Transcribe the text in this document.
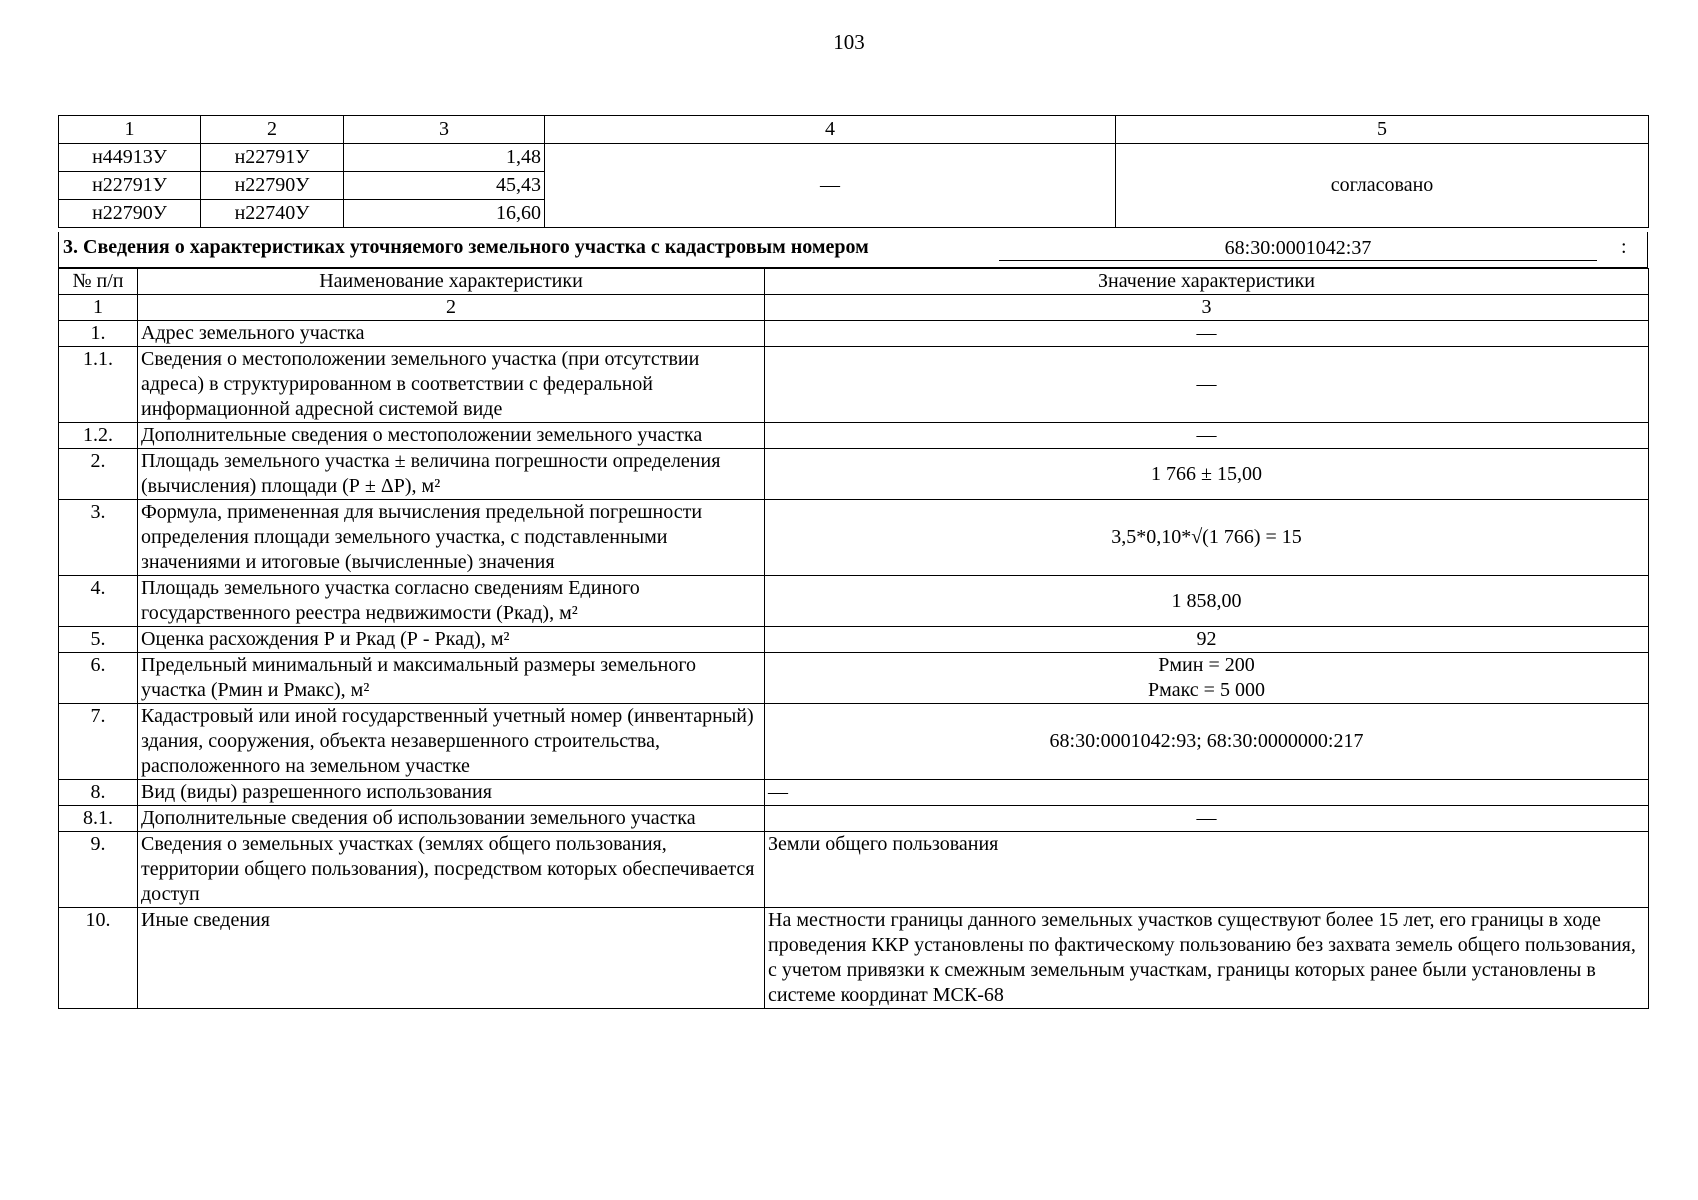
103
1	2	3	4	5
н44913У	н22791У	1,48	—	согласовано
н22791У	н22790У	45,43		
н22790У	н22740У	16,60		
3. Сведения о характеристиках уточняемого земельного участка с кадастровым номером	68:30:0001042:37	:
№ п/п	Наименование характеристики	Значение характеристики
1	2	3
1.	Адрес земельного участка	—
1.1.	Сведения о местоположении земельного участка (при отсутствии адреса) в структурированном в соответствии с федеральной информационной адресной системой виде	—
1.2.	Дополнительные сведения о местоположении земельного участка	—
2.	Площадь земельного участка ± величина погрешности определения (вычисления) площади (Р ± ΔР), м²	1 766 ± 15,00
3.	Формула, примененная для вычисления предельной погрешности определения площади земельного участка, с подставленными значениями и итоговые (вычисленные) значения	3,5*0,10*√(1 766) = 15
4.	Площадь земельного участка согласно сведениям Единого государственного реестра недвижимости (Ркад), м²	1 858,00
5.	Оценка расхождения Р и Ркад (Р - Ркад), м²	92
6.	Предельный минимальный и максимальный размеры земельного участка (Рмин и Рмакс), м²	Рмин = 200
Рмакс = 5 000

7.	Кадастровый или иной государственный учетный номер (инвентарный) здания, сооружения, объекта незавершенного строительства, расположенного на земельном участке	68:30:0001042:93; 68:30:0000000:217
8.	Вид (виды) разрешенного использования	—
8.1.	Дополнительные сведения об использовании земельного участка	—
9.	Сведения о земельных участках (землях общего пользования, территории общего пользования), посредством которых обеспечивается доступ	Земли общего пользования
10.	Иные сведения	На местности границы данного земельных участков существуют более 15 лет, его границы в ходе проведения ККР установлены по фактическому пользованию без захвата земель общего пользования, с учетом привязки к смежным земельным участкам, границы которых ранее были установлены в системе координат МСК-68
